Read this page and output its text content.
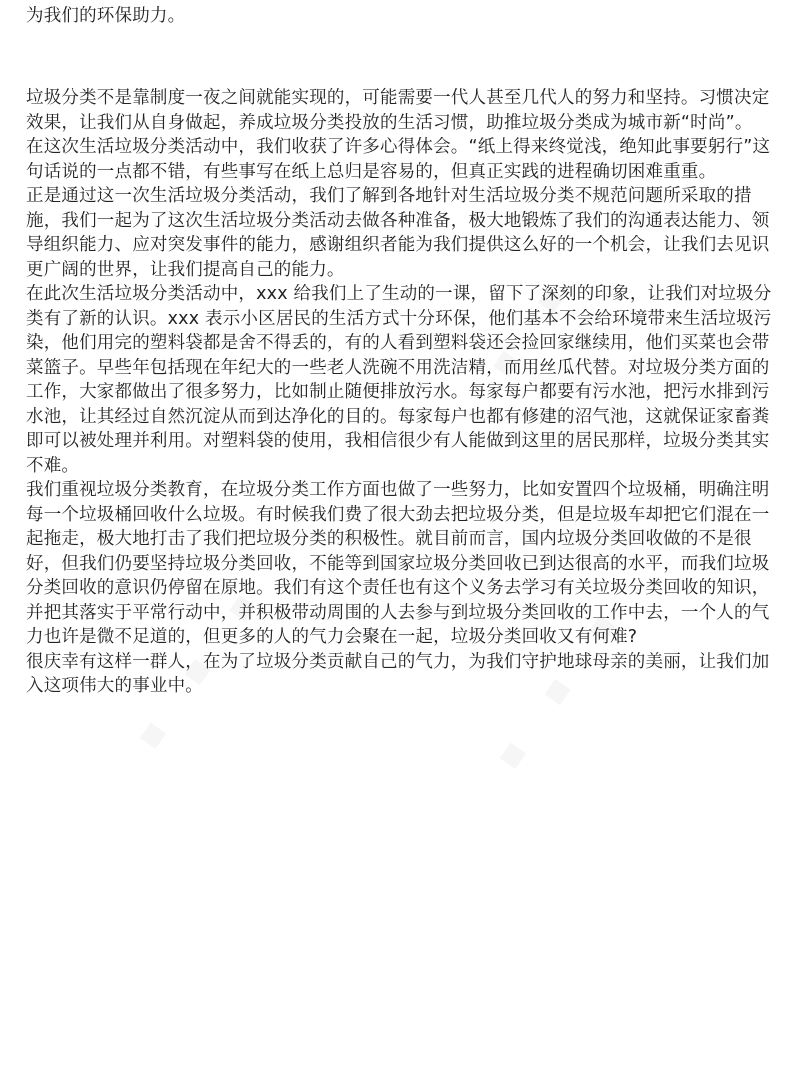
为我们的环保助力。

垃圾分类不是靠制度一夜之间就能实现的，可能需要一代人甚至几代人的努力和坚持。习惯决定效果，让我们从自身做起，养成垃圾分类投放的生活习惯，助推垃圾分类成为城市新“时尚”。

在这次生活垃圾分类活动中，我们收获了许多心得体会。“纸上得来终觉浅，绝知此事要躬行”这句话说的一点都不错，有些事写在纸上总归是容易的，但真正实践的进程确切困难重重。

正是通过这一次生活垃圾分类活动，我们了解到各地针对生活垃圾分类不规范问题所采取的措施，我们一起为了这次生活垃圾分类活动去做各种准备，极大地锻炼了我们的沟通表达能力、领导组织能力、应对突发事件的能力，感谢组织者能为我们提供这么好的一个机会，让我们去见识更广阔的世界，让我们提高自己的能力。

在此次生活垃圾分类活动中，xxx 给我们上了生动的一课，留下了深刻的印象，让我们对垃圾分类有了新的认识。xxx 表示小区居民的生活方式十分环保，他们基本不会给环境带来生活垃圾污染，他们用完的塑料袋都是舍不得丢的，有的人看到塑料袋还会捡回家继续用，他们买菜也会带菜篮子。早些年包括现在年纪大的一些老人洗碗不用洗洁精，而用丝瓜代替。对垃圾分类方面的工作，大家都做出了很多努力，比如制止随便排放污水。每家每户都要有污水池，把污水排到污水池，让其经过自然沉淀从而到达净化的目的。每家每户也都有修建的沼气池，这就保证家畜粪即可以被处理并利用。对塑料袋的使用，我相信很少有人能做到这里的居民那样，垃圾分类其实不难。

我们重视垃圾分类教育，在垃圾分类工作方面也做了一些努力，比如安置四个垃圾桶，明确注明每一个垃圾桶回收什么垃圾。有时候我们费了很大劲去把垃圾分类，但是垃圾车却把它们混在一起拖走，极大地打击了我们把垃圾分类的积极性。就目前而言，国内垃圾分类回收做的不是很好，但我们仍要坚持垃圾分类回收，不能等到国家垃圾分类回收已到达很高的水平，而我们垃圾分类回收的意识仍停留在原地。我们有这个责任也有这个义务去学习有关垃圾分类回收的知识，并把其落实于平常行动中，并积极带动周围的人去参与到垃圾分类回收的工作中去，一个人的气力也许是微不足道的，但更多的人的气力会聚在一起，垃圾分类回收又有何难?

很庆幸有这样一群人，在为了垃圾分类贡献自己的气力，为我们守护地球母亲的美丽，让我们加入这项伟大的事业中。
